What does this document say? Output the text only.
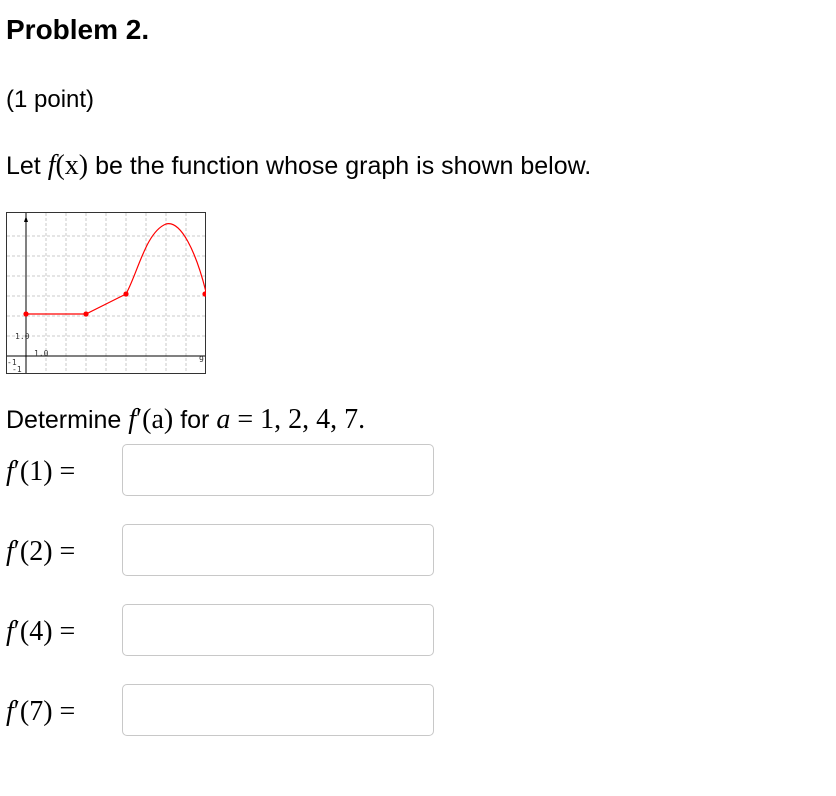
Problem 2.
(1 point)
Let f(x) be the function whose graph is shown below.
1.0
1.0
-1
-1
9
Determine f′(a) for a = 1, 2, 4, 7.
f′(1) =
f′(2) =
f′(4) =
f′(7) =
